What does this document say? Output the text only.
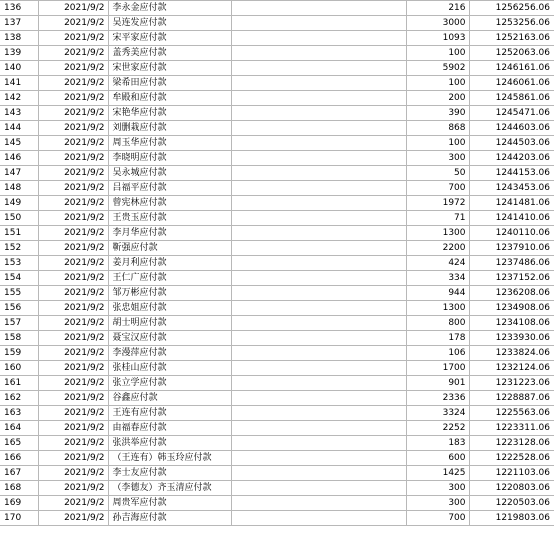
136	2021/9/2	李永金应付款		216	1256256.06
137	2021/9/2	吴连发应付款		3000	1253256.06
138	2021/9/2	宋平家应付款		1093	1252163.06
139	2021/9/2	盖秀美应付款		100	1252063.06
140	2021/9/2	宋世家应付款		5902	1246161.06
141	2021/9/2	梁希田应付款		100	1246061.06
142	2021/9/2	牟殿和应付款		200	1245861.06
143	2021/9/2	宋艳华应付款		390	1245471.06
144	2021/9/2	刘删栽应付款		868	1244603.06
145	2021/9/2	周玉华应付款		100	1244503.06
146	2021/9/2	李晓明应付款		300	1244203.06
147	2021/9/2	吴永城应付款		50	1244153.06
148	2021/9/2	吕福平应付款		700	1243453.06
149	2021/9/2	曾宪林应付款		1972	1241481.06
150	2021/9/2	王贵玉应付款		71	1241410.06
151	2021/9/2	李月华应付款		1300	1240110.06
152	2021/9/2	靳强应付款		2200	1237910.06
153	2021/9/2	姜月利应付款		424	1237486.06
154	2021/9/2	王仁广应付款		334	1237152.06
155	2021/9/2	邹万彬应付款		944	1236208.06
156	2021/9/2	张忠姐应付款		1300	1234908.06
157	2021/9/2	胡士明应付款		800	1234108.06
158	2021/9/2	聂宝汉应付款		178	1233930.06
159	2021/9/2	李漫萍应付款		106	1233824.06
160	2021/9/2	张桂山应付款		1700	1232124.06
161	2021/9/2	张立学应付款		901	1231223.06
162	2021/9/2	谷鑫应付款		2336	1228887.06
163	2021/9/2	王连有应付款		3324	1225563.06
164	2021/9/2	由福春应付款		2252	1223311.06
165	2021/9/2	张洪举应付款		183	1223128.06
166	2021/9/2	（王连有）韩玉玲应付款		600	1222528.06
167	2021/9/2	李士友应付款		1425	1221103.06
168	2021/9/2	（李德友）齐玉清应付款		300	1220803.06
169	2021/9/2	周贵军应付款		300	1220503.06
170	2021/9/2	孙吉海应付款		700	1219803.06
